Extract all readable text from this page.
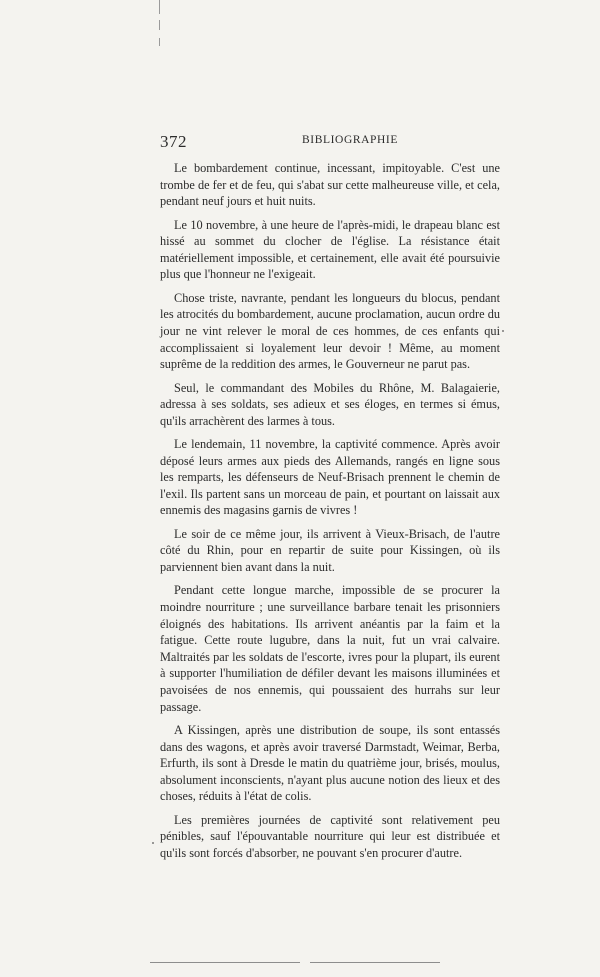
372	BIBLIOGRAPHIE

Le bombardement continue, incessant, impitoyable. C'est une trombe de fer et de feu, qui s'abat sur cette malheureuse ville, et cela, pendant neuf jours et huit nuits.

Le 10 novembre, à une heure de l'après-midi, le drapeau blanc est hissé au sommet du clocher de l'église. La résistance était matériellement impossible, et certainement, elle avait été poursuivie plus que l'honneur ne l'exigeait.

Chose triste, navrante, pendant les longueurs du blocus, pendant les atrocités du bombardement, aucune proclamation, aucun ordre du jour ne vint relever le moral de ces hommes, de ces enfants qui accomplissaient si loyalement leur devoir ! Même, au moment suprême de la reddition des armes, le Gouverneur ne parut pas.

Seul, le commandant des Mobiles du Rhône, M. Balagaierie, adressa à ses soldats, ses adieux et ses éloges, en termes si émus, qu'ils arrachèrent des larmes à tous.

Le lendemain, 11 novembre, la captivité commence. Après avoir déposé leurs armes aux pieds des Allemands, rangés en ligne sous les remparts, les défenseurs de Neuf-Brisach prennent le chemin de l'exil. Ils partent sans un morceau de pain, et pourtant on laissait aux ennemis des magasins garnis de vivres !

Le soir de ce même jour, ils arrivent à Vieux-Brisach, de l'autre côté du Rhin, pour en repartir de suite pour Kissingen, où ils parviennent bien avant dans la nuit.

Pendant cette longue marche, impossible de se procurer la moindre nourriture ; une surveillance barbare tenait les prisonniers éloignés des habitations. Ils arrivent anéantis par la faim et la fatigue. Cette route lugubre, dans la nuit, fut un vrai calvaire. Maltraités par les soldats de l'escorte, ivres pour la plupart, ils eurent à supporter l'humiliation de défiler devant les maisons illuminées et pavoisées de nos ennemis, qui poussaient des hurrahs sur leur passage.

A Kissingen, après une distribution de soupe, ils sont entassés dans des wagons, et après avoir traversé Darmstadt, Weimar, Berba, Erfurth, ils sont à Dresde le matin du quatrième jour, brisés, moulus, absolument inconscients, n'ayant plus aucune notion des lieux et des choses, réduits à l'état de colis.

Les premières journées de captivité sont relativement peu pénibles, sauf l'épouvantable nourriture qui leur est distribuée et qu'ils sont forcés d'absorber, ne pouvant s'en procurer d'autre.
